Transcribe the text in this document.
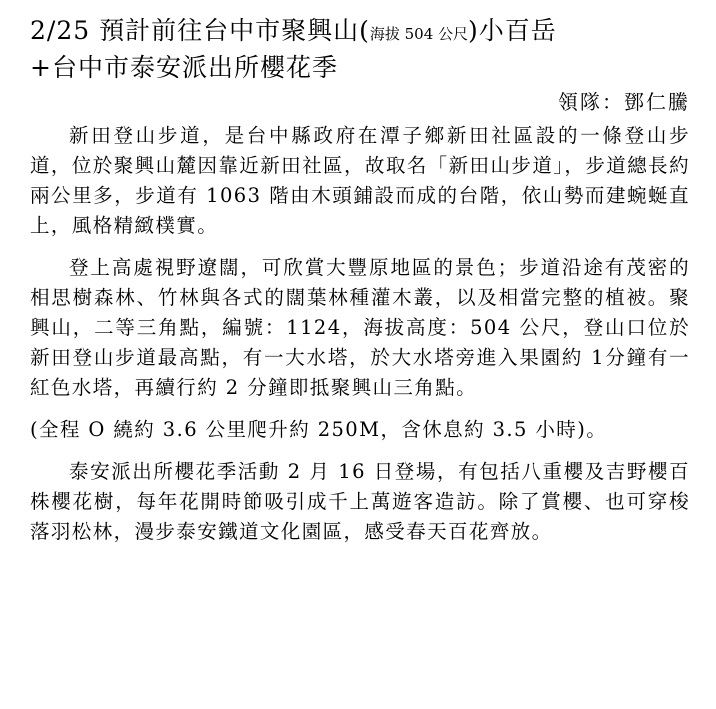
2/25 預計前往台中市聚興山(海拔 504 公尺)小百岳
+台中市泰安派出所櫻花季
領隊：鄧仁騰

新田登山步道，是台中縣政府在潭子鄉新田社區設的一條登山步道，位於聚興山麓因靠近新田社區，故取名「新田山步道」，步道總長約　兩公里多，步道有 1063 階由木頭鋪設而成的台階，依山勢而建蜿蜒直上，風格精緻樸實。

登上高處視野遼闊，可欣賞大豐原地區的景色；步道沿途有茂密的相思樹森林、竹林與各式的闊葉林種灌木叢，以及相當完整的植被。聚興山，二等三角點，編號：1124，海拔高度：504 公尺，登山口位於新田登山步道最高點，有一大水塔，於大水塔旁進入果園約 1分鐘有一紅色水塔，再續行約 2 分鐘即抵聚興山三角點。

(全程 O 繞約 3.6 公里爬升約 250M，含休息約 3.5 小時)。

泰安派出所櫻花季活動 2 月 16 日登場，有包括八重櫻及吉野櫻百株櫻花樹，每年花開時節吸引成千上萬遊客造訪。除了賞櫻、也可穿梭落羽松林，漫步泰安鐵道文化園區，感受春天百花齊放。
